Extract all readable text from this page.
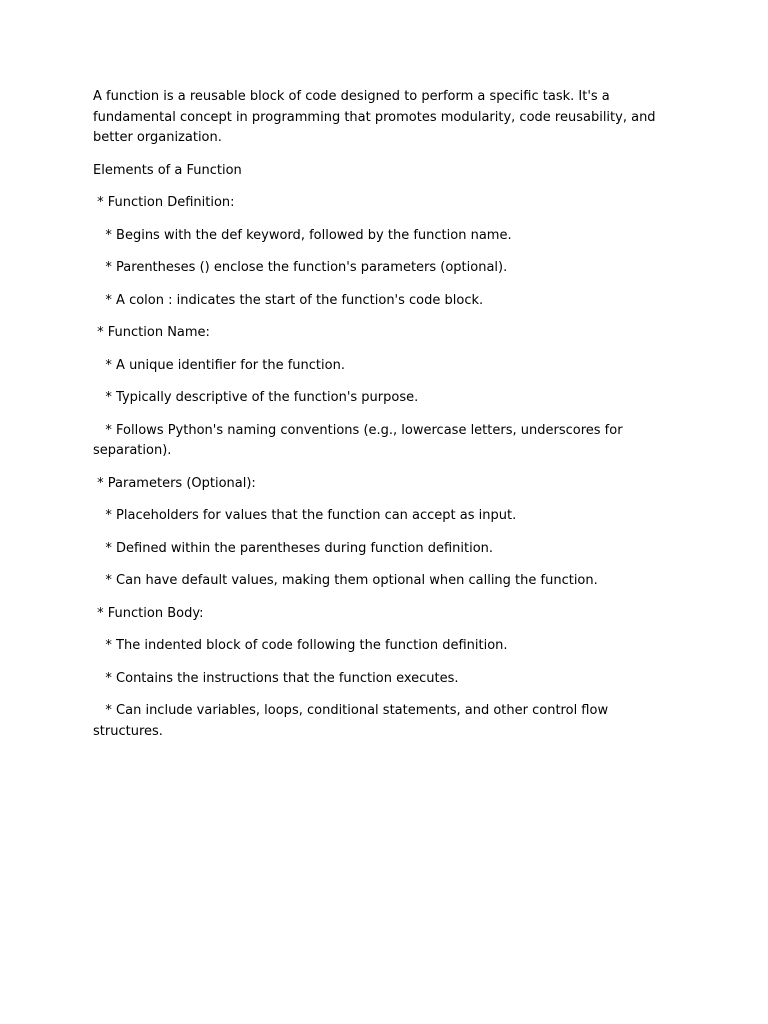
A function is a reusable block of code designed to perform a specific task. It's a fundamental concept in programming that promotes modularity, code reusability, and better organization.

Elements of a Function

* Function Definition:

* Begins with the def keyword, followed by the function name.

* Parentheses () enclose the function's parameters (optional).

* A colon : indicates the start of the function's code block.

* Function Name:

* A unique identifier for the function.

* Typically descriptive of the function's purpose.

* Follows Python's naming conventions (e.g., lowercase letters, underscores for separation).

* Parameters (Optional):

* Placeholders for values that the function can accept as input.

* Defined within the parentheses during function definition.

* Can have default values, making them optional when calling the function.

* Function Body:

* The indented block of code following the function definition.

* Contains the instructions that the function executes.

* Can include variables, loops, conditional statements, and other control flow structures.
